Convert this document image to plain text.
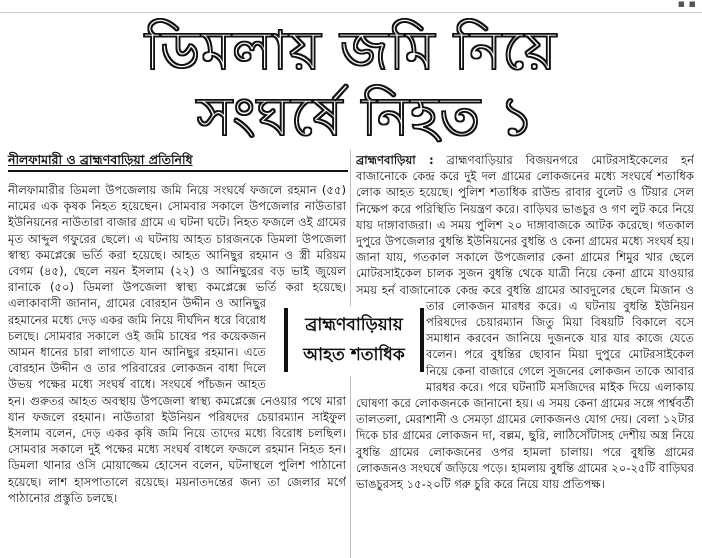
▪ ▪
ডিমলায় জমি নিয়ে
সংঘর্ষে নিহত ১
নীলফামারী ও ব্রাহ্মণবাড়িয়া প্রতিনিধি

নীলফামারীর ডিমলা উপজেলায় জমি নিয়ে সংঘর্ষে ফজলে রহমান (৫৫) নামের এক কৃষক নিহত হয়েছেন। সোমবার সকালে উপজেলার নাউতারা ইউনিয়নের নাউতারা বাজার গ্রামে এ ঘটনা ঘটে। নিহত ফজলে ওই গ্রামের মৃত আব্দুল গফুরের ছেলে। এ ঘটনায় আহত চারজনকে ডিমলা উপজেলা স্বাস্থ্য কমপ্লেক্সে ভর্তি করা হয়েছে। আহত আনিছুর রহমান ও স্ত্রী মরিয়ম বেগম (৪৫), ছেলে নয়ন ইসলাম (২২) ও আনিছুরের বড় ভাই জুয়েল রানাকে (৫০) ডিমলা উপজেলা স্বাস্থ্য কমপ্লেক্সে ভর্তি করা হয়েছে। এলাকাবাসী জানান, গ্রামের বোরহান উদ্দীন ও আনিছুর রহমানের মধ্যে দেড় একর জমি নিয়ে দীর্ঘদিন ধরে বিরোধ চলছে। সোমবার সকালে ওই জমি চাষের পর কয়েকজন আমন ধানের চারা লাগাতে যান আনিছুর রহমান। এতে বোরহান উদ্দীন ও তার পরিবারের লোকজন বাধা দিলে উভয় পক্ষের মধ্যে সংঘর্ষ বাধে। সংঘর্ষে পাঁচজন আহত হন। গুরুতর আহত অবস্থায় উপজেলা স্বাস্থ্য কমপ্লেক্সে নেওয়ার পথে মারা যান ফজলে রহমান। নাউতারা ইউনিয়ন পরিষদের চেয়ারম্যান সাইফুল ইসলাম বলেন, দেড় একর কৃষি জমি নিয়ে তাদের মধ্যে বিরোধ চলছিল। সোমবার সকালে দুই পক্ষের মধ্যে সংঘর্ষ বাধলে ফজলে রহমান নিহত হন। ডিমলা থানার ওসি মোয়াজ্জেম হোসেন বলেন, ঘটনাস্থলে পুলিশ পাঠানো হয়েছে। লাশ হাসপাতালে রয়েছে। ময়নাতদন্তের জন্য তা জেলার মর্গে পাঠানোর প্রস্তুতি চলছে।

ব্রাহ্মণবাড়িয়া : ব্রাহ্মণবাড়িয়ার বিজয়নগরে মোটরসাইকেলের হর্ন বাজানোকে কেন্দ্র করে দুই দল গ্রামের লোকজনের মধ্যে সংঘর্ষে শতাধিক লোক আহত হয়েছে। পুলিশ শতাধিক রাউন্ড রাবার বুলেট ও টিয়ার সেল নিক্ষেপ করে পরিস্থিতি নিয়ন্ত্রণ করে। বাড়িঘর ভাঙচুর ও গণ লুট করে নিয়ে যায় দাঙ্গাবাজরা। এ সময় পুলিশ ২০ দাঙ্গাবাজকে আটক করেছে। গতকাল দুপুরে উপজেলার বুধন্তি ইউনিয়নের বুধন্তি ও কেনা গ্রামের মধ্যে সংঘর্ষ হয়। জানা যায়, গতকাল সকালে উপজেলার কেনা গ্রামের শিমুর খার ছেলে মোটরসাইকেল চালক সুজন বুধন্তি থেকে যাত্রী নিয়ে কেনা গ্রামে যাওয়ার সময় হর্ন বাজানোকে কেন্দ্র করে বুধন্তি গ্রামের আবদুলের ছেলে মিজান ও তার লোকজন মারধর করে। এ ঘটনায় বুধন্তি ইউনিয়ন পরিষদের চেয়ারম্যান জিতু মিয়া বিষয়টি বিকালে বসে সমাধান করবেন জানিয়ে দুজনকে যার যার কাজে যেতে বলেন। পরে বুধন্তির ছোবান মিয়া দুপুরে মোটরসাইকেল নিয়ে কেনা বাজারে গেলে সুজনের লোকজন তাকে আবার মারধর করে। পরে ঘটনাটি মসজিদের মাইক দিয়ে এলাকায় ঘোষণা করে লোকজনকে জানানো হয়। এ সময় কেনা গ্রামের সঙ্গে পার্শ্ববর্তী তালতলা, মেরাশানী ও সেমড়া গ্রামের লোকজনও যোগ দেয়। বেলা ১২টার দিকে চার গ্রামের লোকজন দা, বল্লম, ছুরি, লাঠিসোঁটাসহ দেশীয় অস্ত্র নিয়ে বুধন্তি গ্রামের লোকজনের ওপর হামলা চালায়। পরে বুধন্তি গ্রামের লোকজনও সংঘর্ষে জড়িয়ে পড়ে। হামলায় বুধন্তি গ্রামের ২০-২৫টি বাড়িঘর ভাঙচুরসহ ১৫-২০টি গরু চুরি করে নিয়ে যায় প্রতিপক্ষ।

ব্রাহ্মণবাড়িয়ায়
আহত শতাধিক
